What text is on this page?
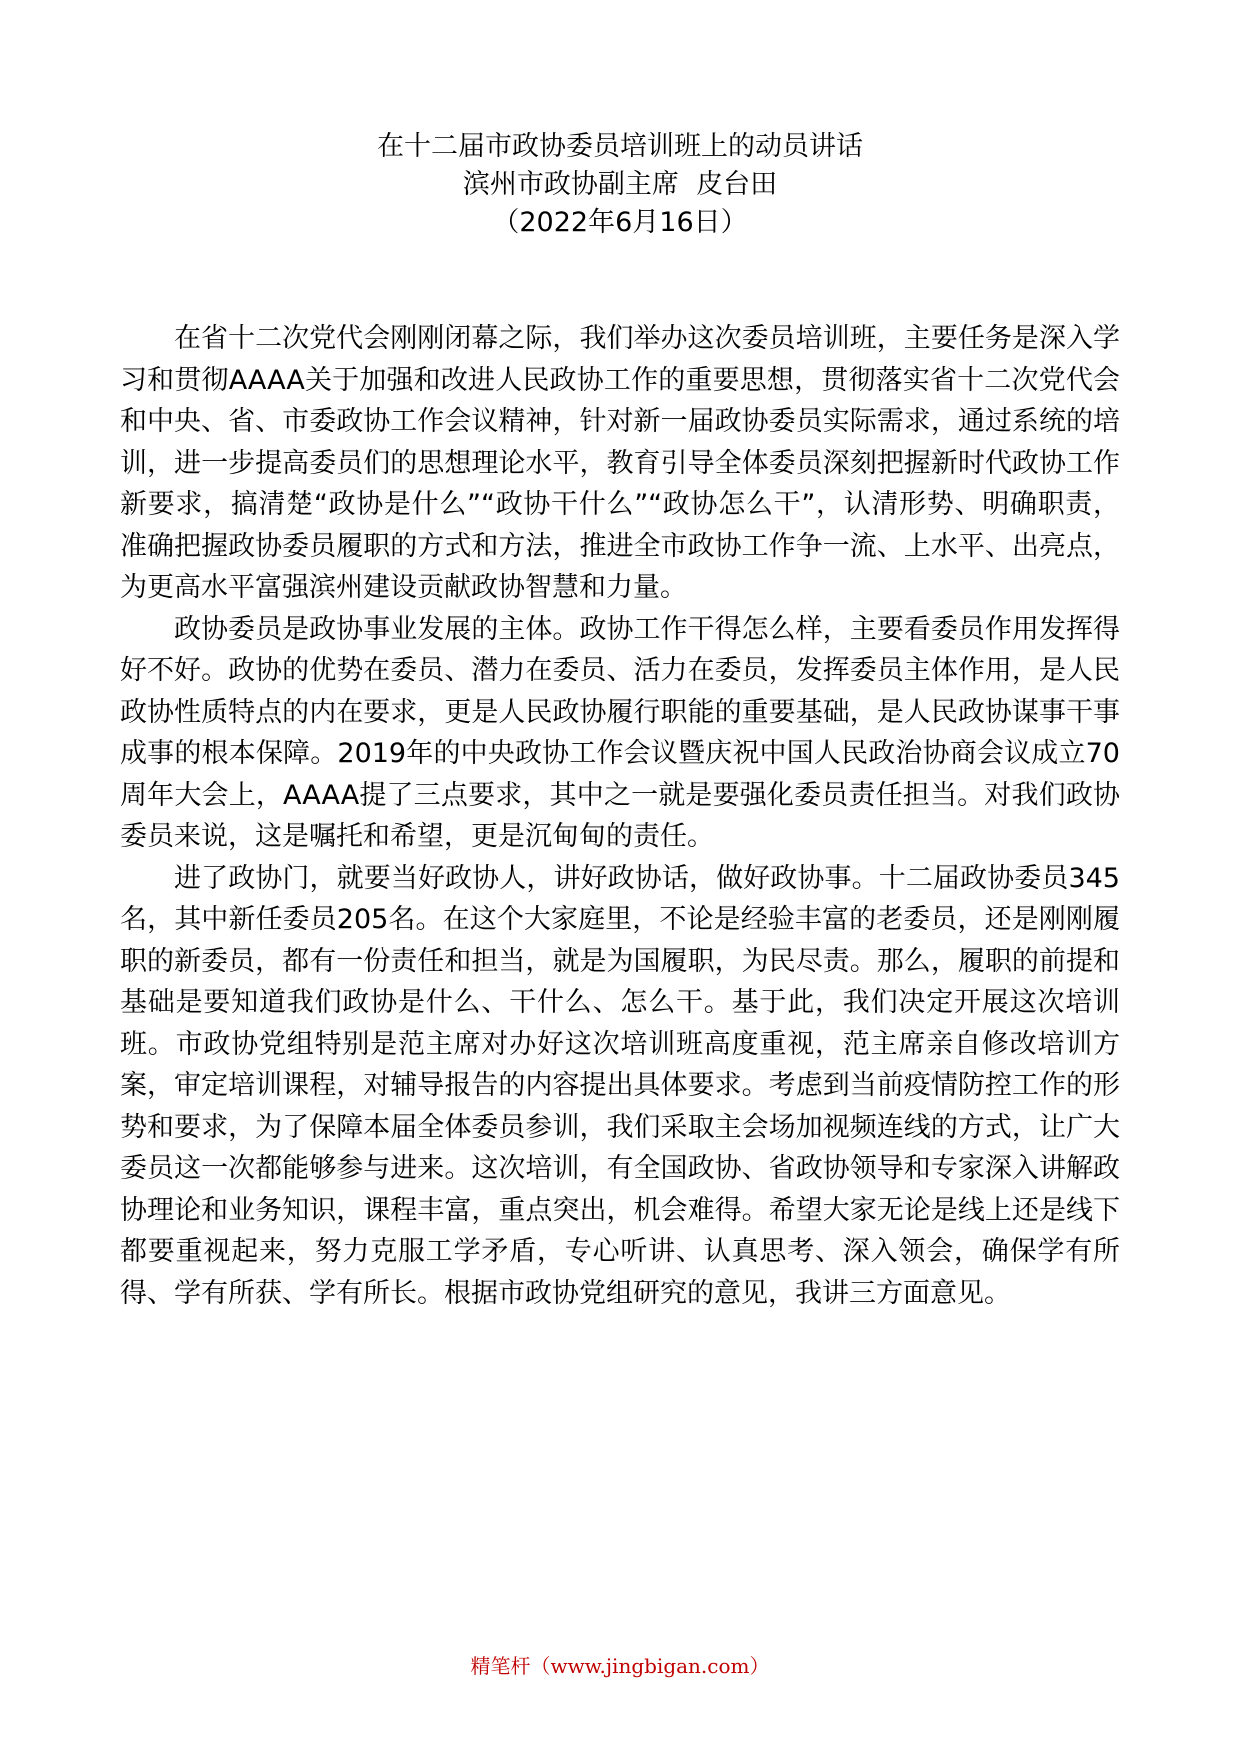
在十二届市政协委员培训班上的动员讲话
滨州市政协副主席  皮台田
（2022年6月16日）

在省十二次党代会刚刚闭幕之际，我们举办这次委员培训班，主要任务是深入学习和贯彻AAAA关于加强和改进人民政协工作的重要思想，贯彻落实省十二次党代会和中央、省、市委政协工作会议精神，针对新一届政协委员实际需求，通过系统的培训，进一步提高委员们的思想理论水平，教育引导全体委员深刻把握新时代政协工作新要求，搞清楚“政协是什么”“政协干什么”“政协怎么干”，认清形势、明确职责，准确把握政协委员履职的方式和方法，推进全市政协工作争一流、上水平、出亮点，为更高水平富强滨州建设贡献政协智慧和力量。

政协委员是政协事业发展的主体。政协工作干得怎么样，主要看委员作用发挥得好不好。政协的优势在委员、潜力在委员、活力在委员，发挥委员主体作用，是人民政协性质特点的内在要求，更是人民政协履行职能的重要基础，是人民政协谋事干事成事的根本保障。2019年的中央政协工作会议暨庆祝中国人民政治协商会议成立70周年大会上，AAAA提了三点要求，其中之一就是要强化委员责任担当。对我们政协委员来说，这是嘱托和希望，更是沉甸甸的责任。

进了政协门，就要当好政协人，讲好政协话，做好政协事。十二届政协委员345名，其中新任委员205名。在这个大家庭里，不论是经验丰富的老委员，还是刚刚履职的新委员，都有一份责任和担当，就是为国履职，为民尽责。那么，履职的前提和基础是要知道我们政协是什么、干什么、怎么干。基于此，我们决定开展这次培训班。市政协党组特别是范主席对办好这次培训班高度重视，范主席亲自修改培训方案，审定培训课程，对辅导报告的内容提出具体要求。考虑到当前疫情防控工作的形势和要求，为了保障本届全体委员参训，我们采取主会场加视频连线的方式，让广大委员这一次都能够参与进来。这次培训，有全国政协、省政协领导和专家深入讲解政协理论和业务知识，课程丰富，重点突出，机会难得。希望大家无论是线上还是线下都要重视起来，努力克服工学矛盾，专心听讲、认真思考、深入领会，确保学有所得、学有所获、学有所长。根据市政协党组研究的意见，我讲三方面意见。

精笔杆（www.jingbigan.com）
